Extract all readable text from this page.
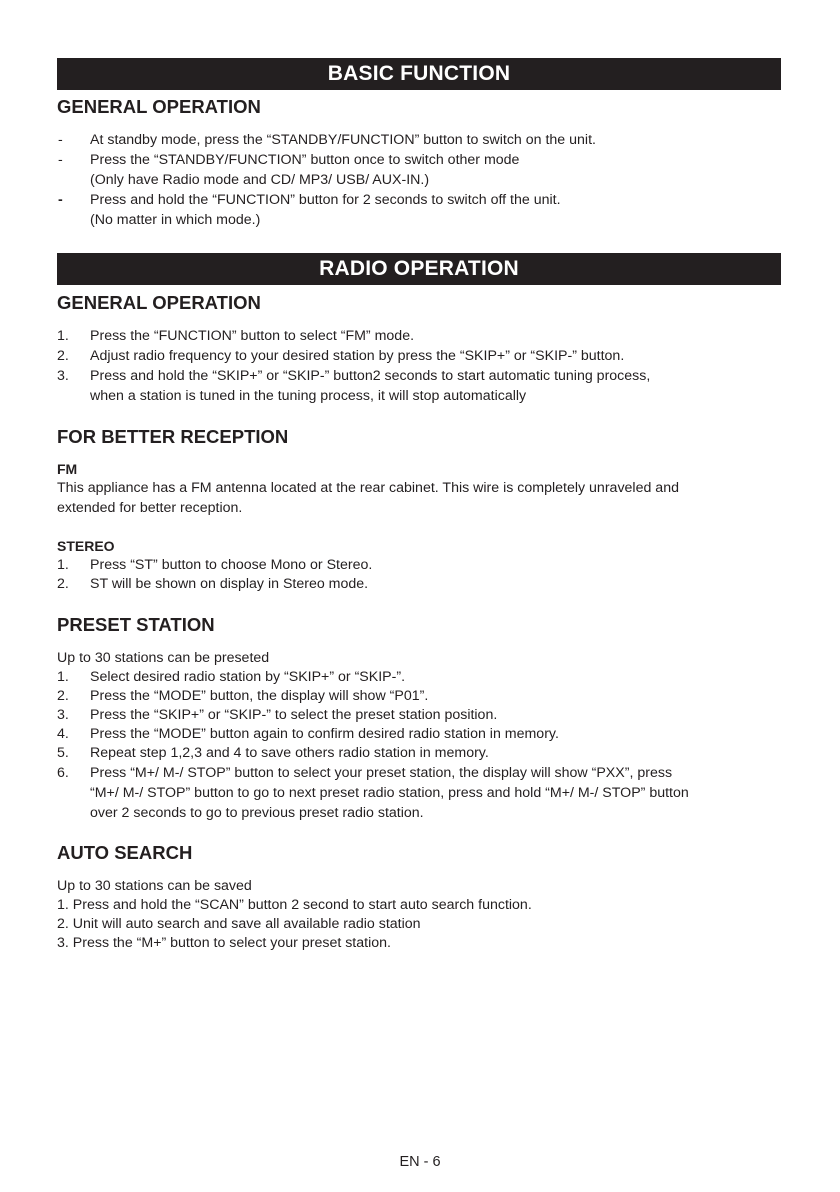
BASIC FUNCTION
GENERAL OPERATION
- At standby mode, press the “STANDBY/FUNCTION” button to switch on the unit.
- Press the “STANDBY/FUNCTION” button once to switch other mode
(Only have Radio mode and CD/ MP3/ USB/ AUX-IN.)
- Press and hold the “FUNCTION” button for 2 seconds to switch off the unit.
(No matter in which mode.)
RADIO OPERATION
GENERAL OPERATION
1. Press the “FUNCTION” button to select “FM” mode.
2. Adjust radio frequency to your desired station by press the “SKIP+” or “SKIP-” button.
3. Press and hold the “SKIP+” or “SKIP-” button2 seconds to start automatic tuning process,
when a station is tuned in the tuning process, it will stop automatically
FOR BETTER RECEPTION
FM
This appliance has a FM antenna located at the rear cabinet. This wire is completely unraveled and
extended for better reception.
STEREO
1. Press “ST” button to choose Mono or Stereo.
2. ST will be shown on display in Stereo mode.
PRESET STATION
Up to 30 stations can be preseted
1. Select desired radio station by “SKIP+” or “SKIP-”.
2. Press the “MODE” button, the display will show “P01”.
3. Press the “SKIP+” or “SKIP-” to select the preset station position.
4. Press the “MODE” button again to confirm desired radio station in memory.
5. Repeat step 1,2,3 and 4 to save others radio station in memory.
6. Press “M+/ M-/ STOP” button to select your preset station, the display will show “PXX”, press
“M+/ M-/ STOP” button to go to next preset radio station, press and hold “M+/ M-/ STOP” button
over 2 seconds to go to previous preset radio station.
AUTO SEARCH
Up to 30 stations can be saved
1. Press and hold the “SCAN” button 2 second to start auto search function.
2. Unit will auto search and save all available radio station
3. Press the “M+” button to select your preset station.
EN - 6
